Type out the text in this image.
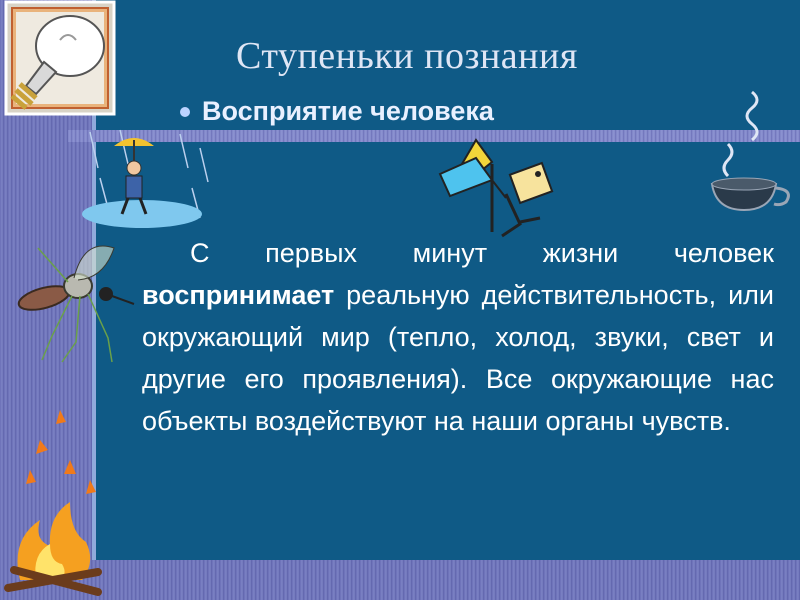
Ступеньки познания
Восприятие человека
С первых минут жизни человек воспринимает реальную действительность, или окружающий мир (тепло, холод, звуки, свет и другие его проявления). Все окружающие нас объекты воздействуют на наши органы чувств.
